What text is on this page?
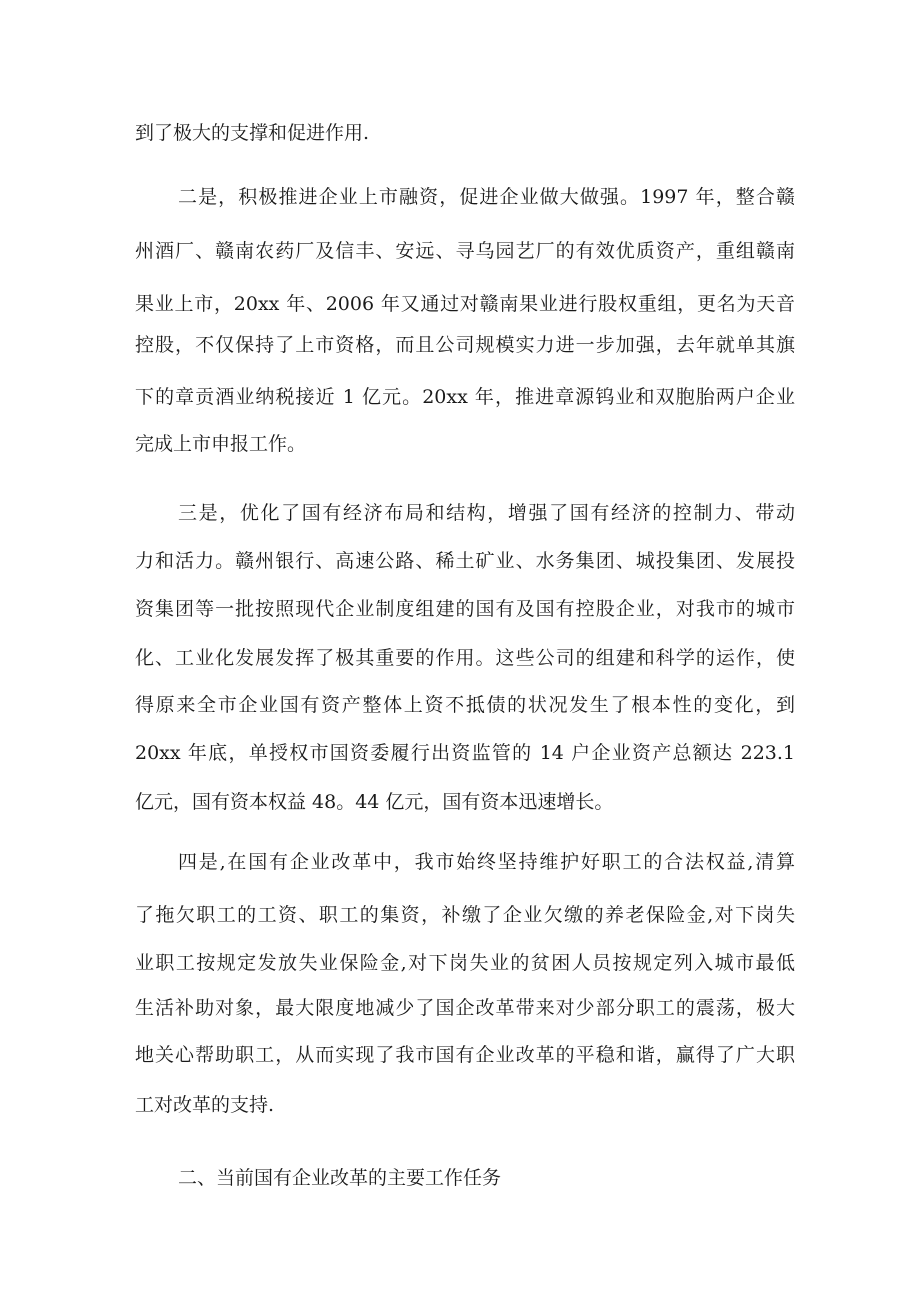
到了极大的支撑和促进作用.

二是，积极推进企业上市融资，促进企业做大做强。1997 年，整合赣

州酒厂、赣南农药厂及信丰、安远、寻乌园艺厂的有效优质资产，重组赣南

果业上市，20xx 年、2006 年又通过对赣南果业进行股权重组，更名为天音

控股，不仅保持了上市资格，而且公司规模实力进一步加强，去年就单其旗

下的章贡酒业纳税接近 1 亿元。20xx 年，推进章源钨业和双胞胎两户企业

完成上市申报工作。

三是，优化了国有经济布局和结构，增强了国有经济的控制力、带动

力和活力。赣州银行、高速公路、稀土矿业、水务集团、城投集团、发展投

资集团等一批按照现代企业制度组建的国有及国有控股企业，对我市的城市

化、工业化发展发挥了极其重要的作用。这些公司的组建和科学的运作，使

得原来全市企业国有资产整体上资不抵债的状况发生了根本性的变化，到

20xx 年底，单授权市国资委履行出资监管的 14 户企业资产总额达 223.1

亿元，国有资本权益 48。44 亿元，国有资本迅速增长。

四是,在国有企业改革中，我市始终坚持维护好职工的合法权益,清算

了拖欠职工的工资、职工的集资，补缴了企业欠缴的养老保险金,对下岗失

业职工按规定发放失业保险金,对下岗失业的贫困人员按规定列入城市最低

生活补助对象，最大限度地减少了国企改革带来对少部分职工的震荡，极大

地关心帮助职工，从而实现了我市国有企业改革的平稳和谐，赢得了广大职

工对改革的支持.

二、当前国有企业改革的主要工作任务
